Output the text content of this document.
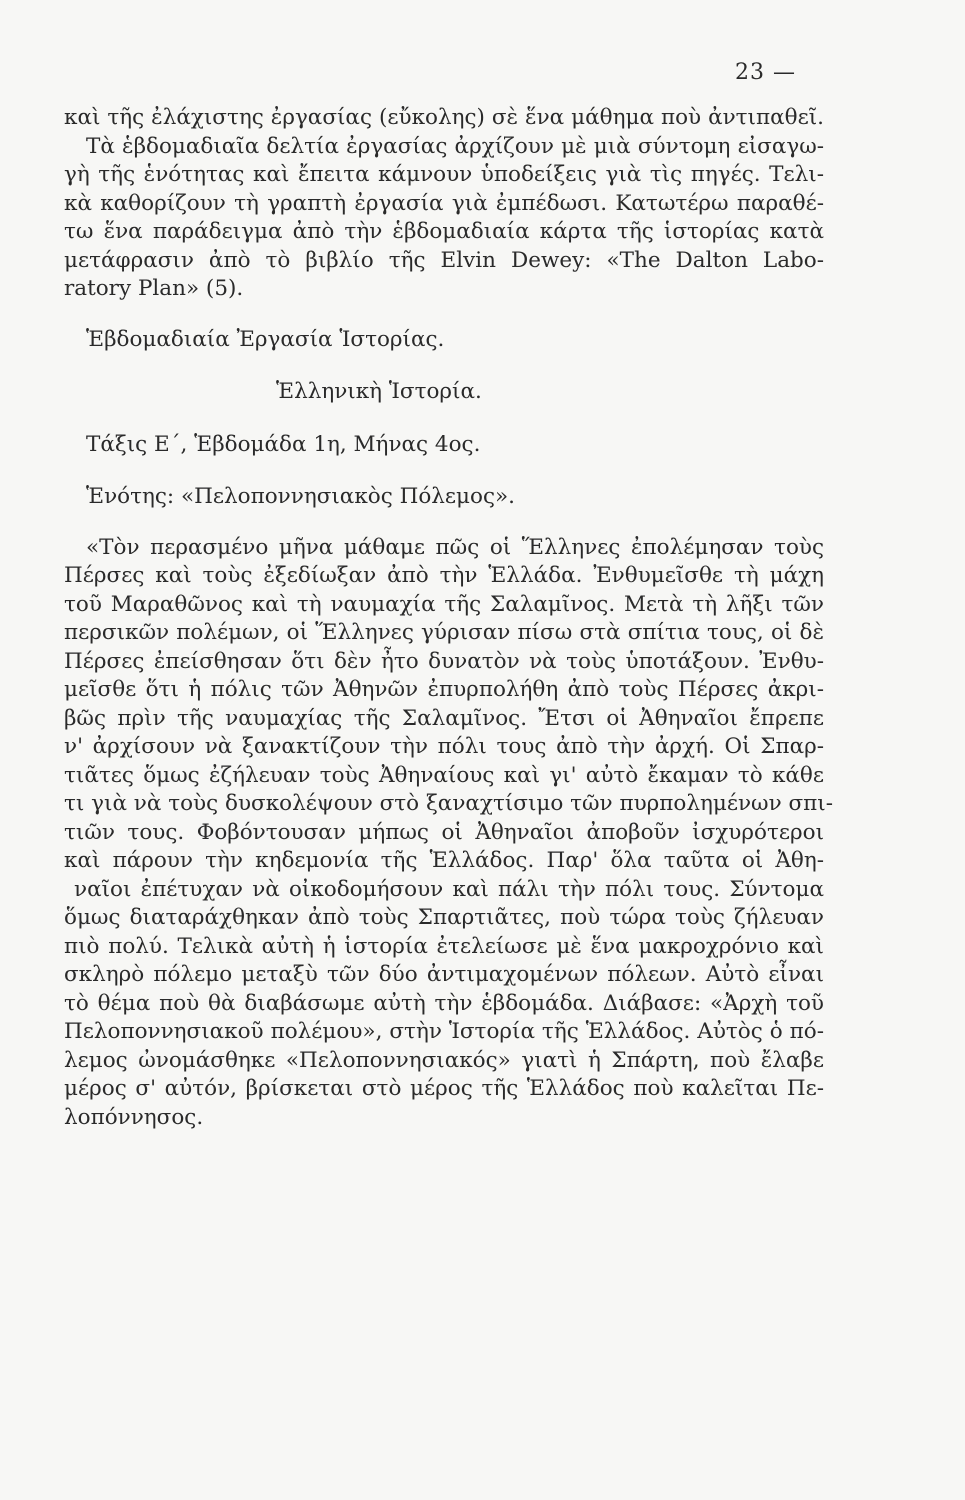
23 —
καὶ τῆς ἐλάχιστης ἐργασίας (εὔκολης) σὲ ἕνα μάθημα ποὺ ἀντιπαθεῖ.
Τὰ ἑβδομαδιαῖα δελτία ἐργασίας ἀρχίζουν μὲ μιὰ σύντομη εἰσαγω-
γὴ τῆς ἑνότητας καὶ ἔπειτα κάμνουν ὑποδείξεις γιὰ τὶς πηγές. Τελι-
κὰ καθορίζουν τὴ γραπτὴ ἐργασία γιὰ ἐμπέδωσι. Κατωτέρω παραθέ-
τω ἕνα παράδειγμα ἀπὸ τὴν ἑβδομαδιαία κάρτα τῆς ἱστορίας κατὰ
μετάφρασιν ἀπὸ τὸ βιβλίο τῆς Elvin Dewey: «The Dalton Labo-
ratory Plan» (5).
Ἑβδομαδιαία Ἐργασία Ἱστορίας.
Ἑλληνικὴ Ἱστορία.
Τάξις Ε΄, Ἑβδομάδα 1η, Μήνας 4ος.
Ἑνότης: «Πελοποννησιακὸς Πόλεμος».
«Τὸν περασμένο μῆνα μάθαμε πῶς οἱ Ἕλληνες ἐπολέμησαν τοὺς
Πέρσες καὶ τοὺς ἐξεδίωξαν ἀπὸ τὴν Ἑλλάδα. Ἐνθυμεῖσθε τὴ μάχη
τοῦ Μαραθῶνος καὶ τὴ ναυμαχία τῆς Σαλαμῖνος. Μετὰ τὴ λῆξι τῶν
περσικῶν πολέμων, οἱ Ἕλληνες γύρισαν πίσω στὰ σπίτια τους, οἱ δὲ
Πέρσες ἐπείσθησαν ὅτι δὲν ἦτο δυνατὸν νὰ τοὺς ὑποτάξουν. Ἐνθυ-
μεῖσθε ὅτι ἡ πόλις τῶν Ἀθηνῶν ἐπυρπολήθη ἀπὸ τοὺς Πέρσες ἀκρι-
βῶς πρὶν τῆς ναυμαχίας τῆς Σαλαμῖνος. Ἔτσι οἱ Ἀθηναῖοι ἔπρεπε
ν' ἀρχίσουν νὰ ξανακτίζουν τὴν πόλι τους ἀπὸ τὴν ἀρχή. Οἱ Σπαρ-
τιᾶτες ὅμως ἐζήλευαν τοὺς Ἀθηναίους καὶ γι' αὐτὸ ἔκαμαν τὸ κάθε
τι γιὰ νὰ τοὺς δυσκολέψουν στὸ ξαναχτίσιμο τῶν πυρπολημένων σπι-
τιῶν τους. Φοβόντουσαν μήπως οἱ Ἀθηναῖοι ἀποβοῦν ἰσχυρότεροι
καὶ πάρουν τὴν κηδεμονία τῆς Ἑλλάδος. Παρ' ὅλα ταῦτα οἱ Ἀθη-
ναῖοι ἐπέτυχαν νὰ οἰκοδομήσουν καὶ πάλι τὴν πόλι τους. Σύντομα
ὅμως διαταράχθηκαν ἀπὸ τοὺς Σπαρτιᾶτες, ποὺ τώρα τοὺς ζήλευαν
πιὸ πολύ. Τελικὰ αὐτὴ ἡ ἱστορία ἐτελείωσε μὲ ἕνα μακροχρόνιο καὶ
σκληρὸ πόλεμο μεταξὺ τῶν δύο ἀντιμαχομένων πόλεων. Αὐτὸ εἶναι
τὸ θέμα ποὺ θὰ διαβάσωμε αὐτὴ τὴν ἑβδομάδα. Διάβασε: «Ἀρχὴ τοῦ
Πελοποννησιακοῦ πολέμου», στὴν Ἱστορία τῆς Ἑλλάδος. Αὐτὸς ὁ πό-
λεμος ὠνομάσθηκε «Πελοποννησιακός» γιατὶ ἡ Σπάρτη, ποὺ ἔλαβε
μέρος σ' αὐτόν, βρίσκεται στὸ μέρος τῆς Ἑλλάδος ποὺ καλεῖται Πε-
λοπόννησος.
